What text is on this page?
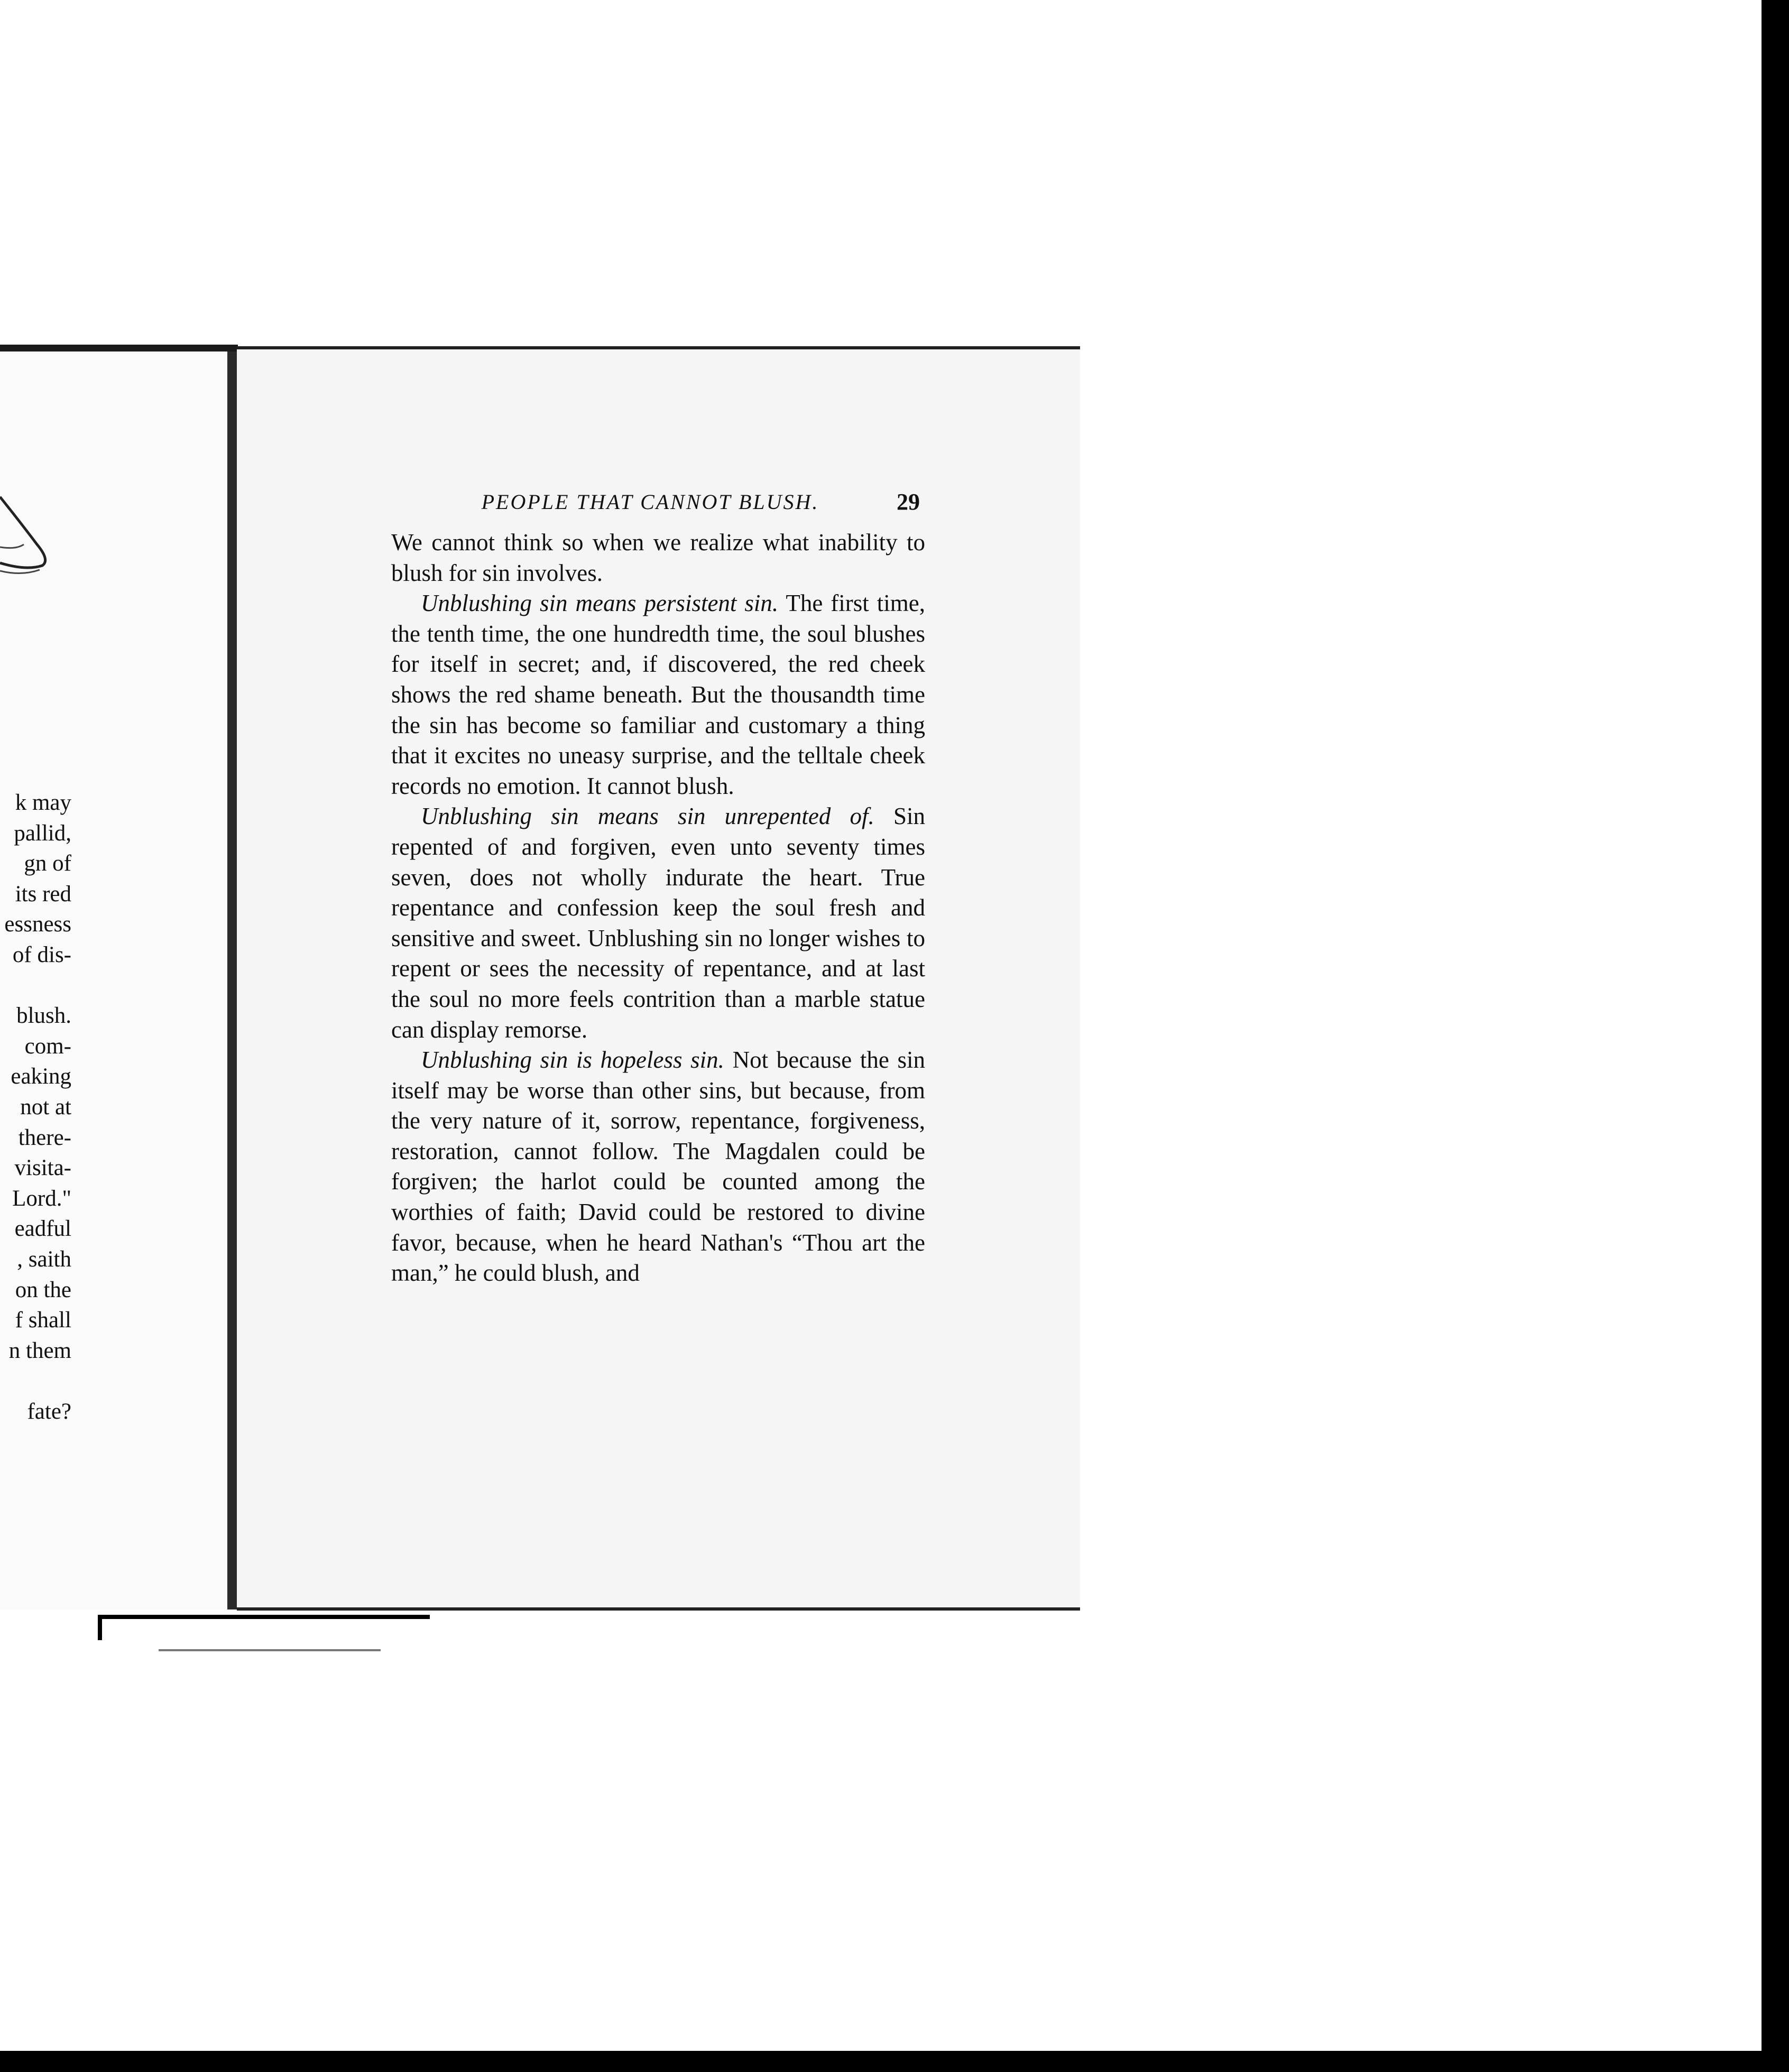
k may
pallid,
gn of
its red
essness
of dis-
blush.
com-
eaking
not at
there-
visita-
Lord."
eadful
, saith
on the
f shall
n them
fate?
PEOPLE THAT CANNOT BLUSH.	29

We cannot think so when we realize what inability to blush for sin involves.

Unblushing sin means persistent sin. The first time, the tenth time, the one hundredth time, the soul blushes for itself in secret; and, if discovered, the red cheek shows the red shame beneath. But the thousandth time the sin has become so familiar and customary a thing that it excites no uneasy surprise, and the telltale cheek records no emotion. It cannot blush.

Unblushing sin means sin unrepented of. Sin repented of and forgiven, even unto seventy times seven, does not wholly indurate the heart. True repentance and confession keep the soul fresh and sensitive and sweet. Unblushing sin no longer wishes to repent or sees the necessity of repentance, and at last the soul no more feels contrition than a marble statue can display remorse.

Unblushing sin is hopeless sin. Not because the sin itself may be worse than other sins, but because, from the very nature of it, sorrow, repentance, forgiveness, restoration, cannot follow. The Magdalen could be forgiven; the harlot could be counted among the worthies of faith; David could be restored to divine favor, because, when he heard Nathan's “Thou art the man,” he could blush, and
